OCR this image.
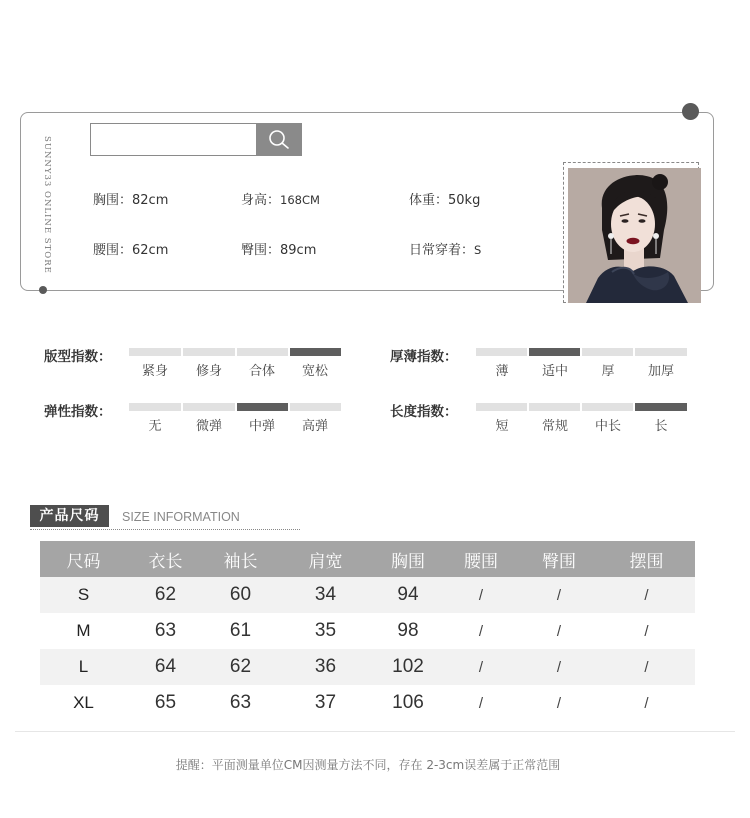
SUNNY33 ONLINE STORE	胸围：82cm	身高：168CM	体重：50kg
腰围：62cm	臀围：89cm	日常穿着：S
版型指数：
紧身	修身	合体	宽松
厚薄指数：
薄	适中	厚	加厚
弹性指数：
无	微弹	中弹	高弹
长度指数：
短	常规	中长	长
产品尺码	SIZE INFORMATION
尺码	衣长	袖长	肩宽	胸围	腰围	臀围	摆围
S	62	60	34	94	/	/	/
M	63	61	35	98	/	/	/
L	64	62	36	102	/	/	/
XL	65	63	37	106	/	/	/
提醒：平面测量单位CM因测量方法不同，存在 2-3cm误差属于正常范围
